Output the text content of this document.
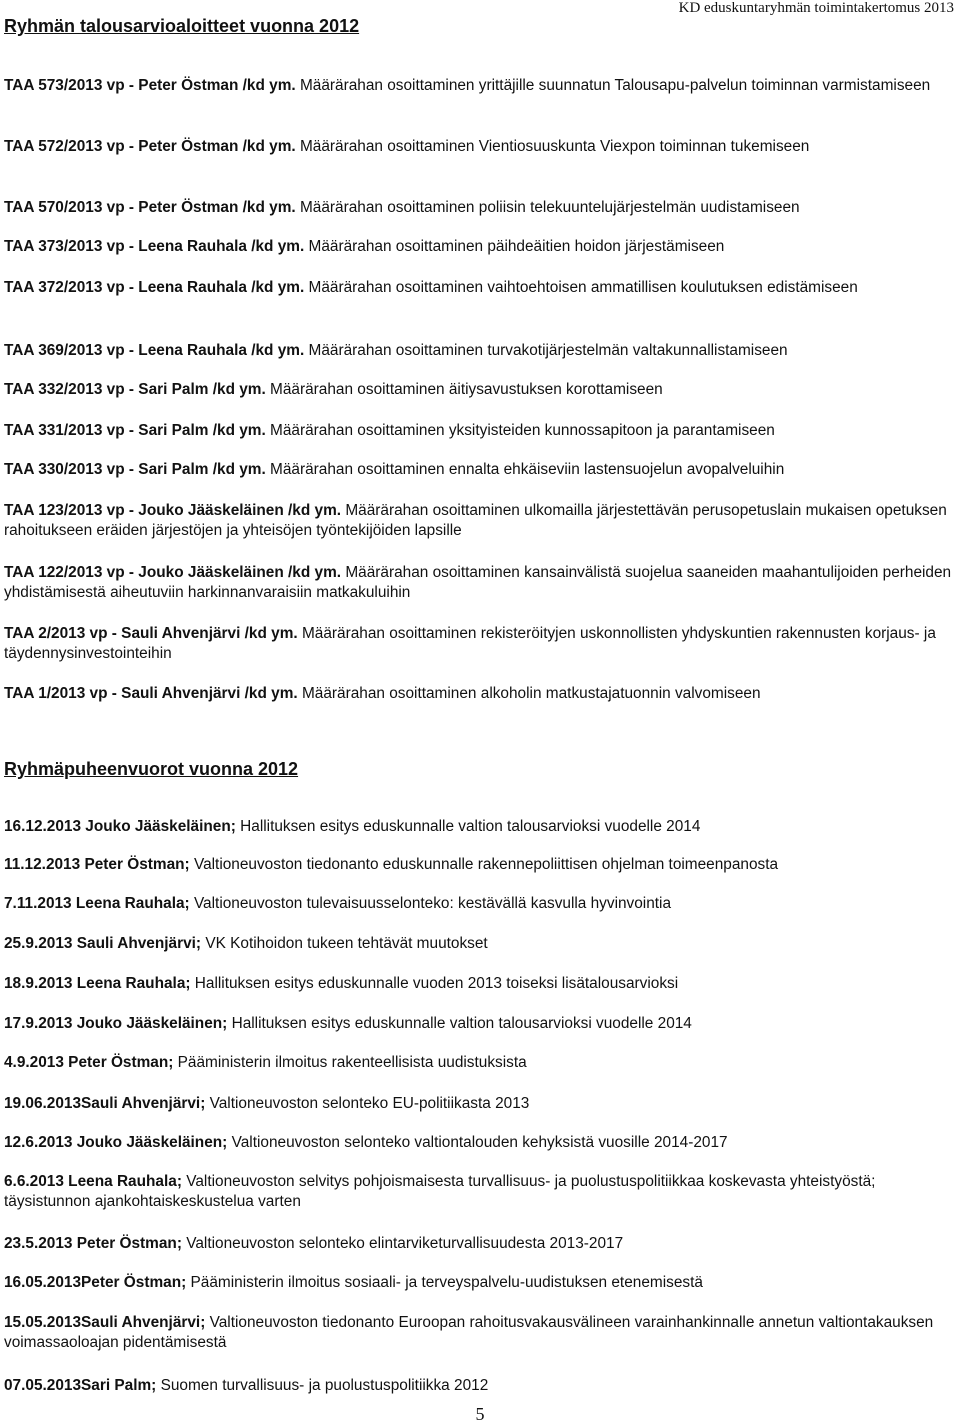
KD eduskuntaryhmän toimintakertomus 2013
Ryhmän talousarvioaloitteet vuonna 2012

TAA 573/2013 vp - Peter Östman /kd ym. Määrärahan osoittaminen yrittäjille suunnatun Talousapu-palvelun toiminnan varmistamiseen

TAA 572/2013 vp - Peter Östman /kd ym. Määrärahan osoittaminen Vientiosuuskunta Viexpon toiminnan tukemiseen

TAA 570/2013 vp - Peter Östman /kd ym. Määrärahan osoittaminen poliisin telekuuntelujärjestelmän uudistamiseen

TAA 373/2013 vp - Leena Rauhala /kd ym. Määrärahan osoittaminen päihdeäitien hoidon järjestämiseen

TAA 372/2013 vp - Leena Rauhala /kd ym. Määrärahan osoittaminen vaihtoehtoisen ammatillisen koulutuksen edistämiseen

TAA 369/2013 vp - Leena Rauhala /kd ym. Määrärahan osoittaminen turvakotijärjestelmän valtakunnallistamiseen

TAA 332/2013 vp - Sari Palm /kd ym. Määrärahan osoittaminen äitiysavustuksen korottamiseen

TAA 331/2013 vp - Sari Palm /kd ym. Määrärahan osoittaminen yksityisteiden kunnossapitoon ja parantamiseen

TAA 330/2013 vp - Sari Palm /kd ym. Määrärahan osoittaminen ennalta ehkäiseviin lastensuojelun avopalveluihin

TAA 123/2013 vp - Jouko Jääskeläinen /kd ym. Määrärahan osoittaminen ulkomailla järjestettävän perusopetuslain mukaisen opetuksen rahoitukseen eräiden järjestöjen ja yhteisöjen työntekijöiden lapsille

TAA 122/2013 vp - Jouko Jääskeläinen /kd ym. Määrärahan osoittaminen kansainvälistä suojelua saaneiden maahantulijoiden perheiden yhdistämisestä aiheutuviin harkinnanvaraisiin matkakuluihin

TAA 2/2013 vp - Sauli Ahvenjärvi /kd ym. Määrärahan osoittaminen rekisteröityjen uskonnollisten yhdyskuntien rakennusten korjaus- ja täydennysinvestointeihin

TAA 1/2013 vp - Sauli Ahvenjärvi /kd ym. Määrärahan osoittaminen alkoholin matkustajatuonnin valvomiseen

Ryhmäpuheenvuorot vuonna 2012

16.12.2013 Jouko Jääskeläinen; Hallituksen esitys eduskunnalle valtion talousarvioksi vuodelle 2014

11.12.2013 Peter Östman; Valtioneuvoston tiedonanto eduskunnalle rakennepoliittisen ohjelman toimeenpanosta

7.11.2013 Leena Rauhala; Valtioneuvoston tulevaisuusselonteko: kestävällä kasvulla hyvinvointia

25.9.2013 Sauli Ahvenjärvi; VK Kotihoidon tukeen tehtävät muutokset

18.9.2013 Leena Rauhala; Hallituksen esitys eduskunnalle vuoden 2013 toiseksi lisätalousarvioksi

17.9.2013 Jouko Jääskeläinen; Hallituksen esitys eduskunnalle valtion talousarvioksi vuodelle 2014

4.9.2013 Peter Östman; Pääministerin ilmoitus rakenteellisista uudistuksista

19.06.2013Sauli Ahvenjärvi; Valtioneuvoston selonteko EU-politiikasta 2013

12.6.2013 Jouko Jääskeläinen; Valtioneuvoston selonteko valtiontalouden kehyksistä vuosille 2014-2017

6.6.2013 Leena Rauhala; Valtioneuvoston selvitys pohjoismaisesta turvallisuus- ja puolustuspolitiikkaa koskevasta yhteistyöstä; täysistunnon ajankohtaiskeskustelua varten

23.5.2013 Peter Östman; Valtioneuvoston selonteko elintarviketurvallisuudesta 2013-2017

16.05.2013Peter Östman; Pääministerin ilmoitus sosiaali- ja terveyspalvelu-uudistuksen etenemisestä

15.05.2013Sauli Ahvenjärvi; Valtioneuvoston tiedonanto Euroopan rahoitusvakausvälineen varainhankinnalle annetun valtiontakauksen voimassaoloajan pidentämisestä

07.05.2013Sari Palm; Suomen turvallisuus- ja puolustuspolitiikka 2012

5
